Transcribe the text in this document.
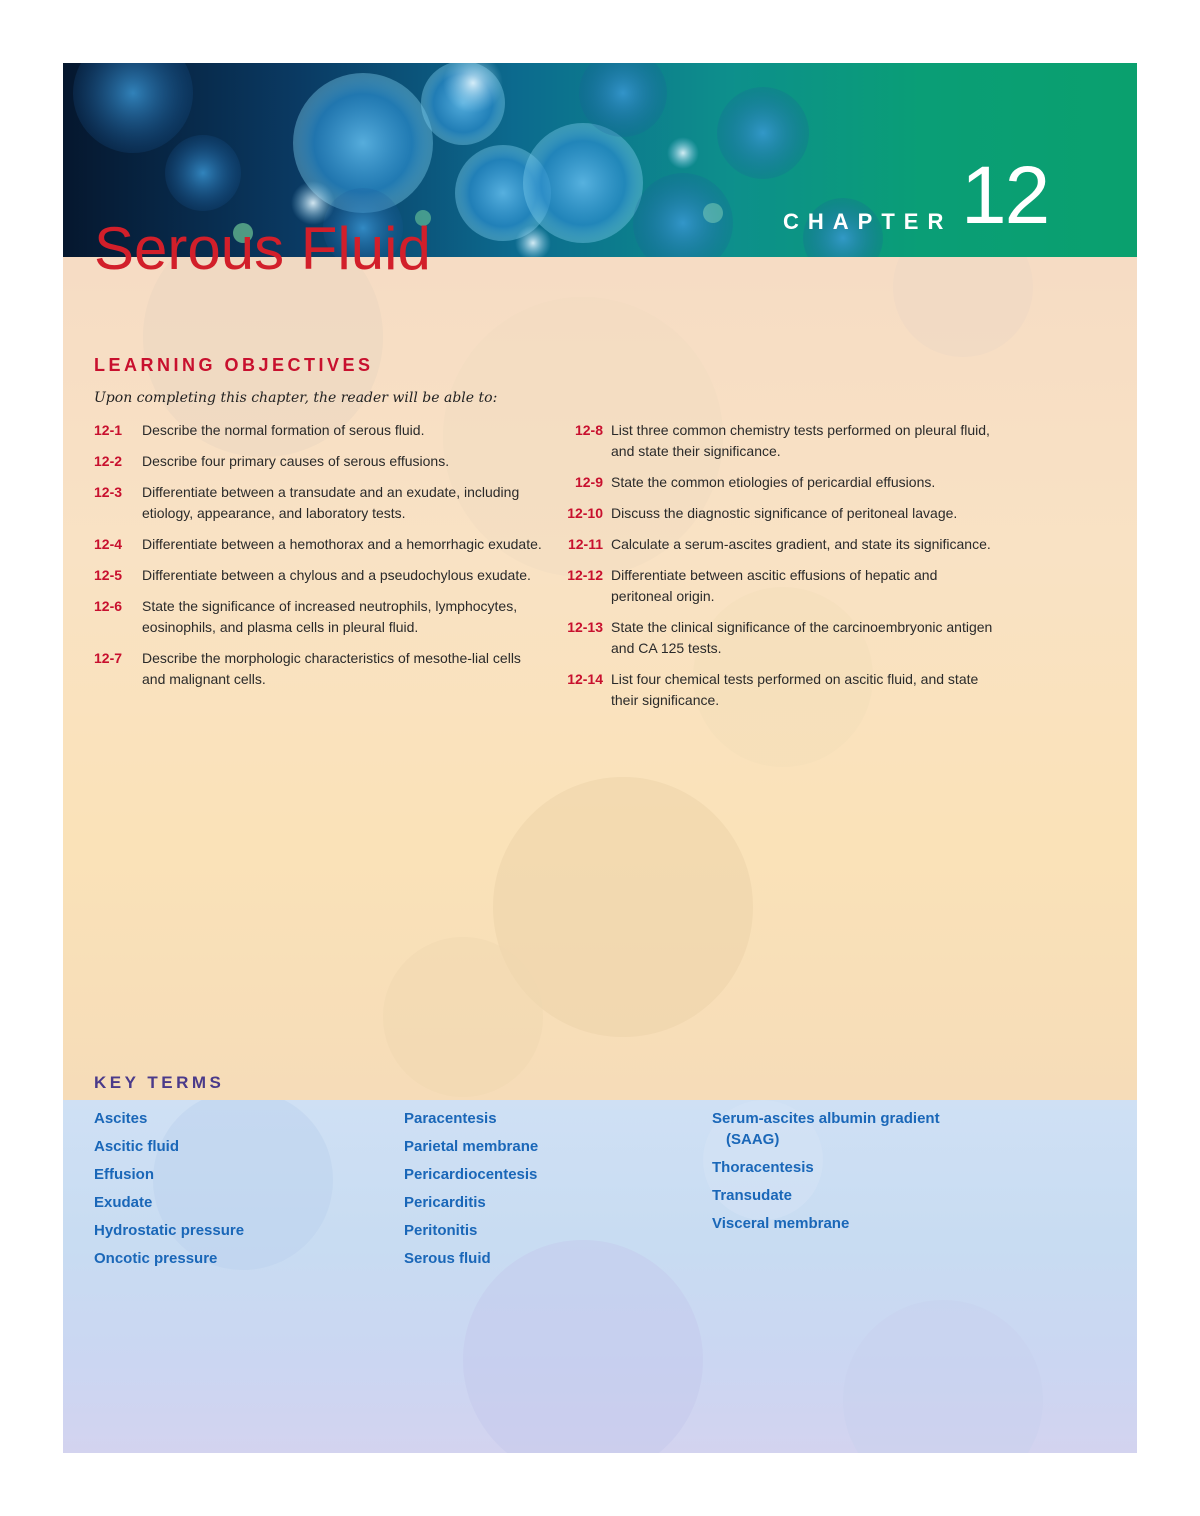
CHAPTER 12
Serous Fluid
LEARNING OBJECTIVES
Upon completing this chapter, the reader will be able to:
12-1	Describe the normal formation of serous fluid.
12-2	Describe four primary causes of serous effusions.
12-3	Differentiate between a transudate and an exudate, including etiology, appearance, and laboratory tests.
12-4	Differentiate between a hemothorax and a hemorrhagic exudate.
12-5	Differentiate between a chylous and a pseudochylous exudate.
12-6	State the significance of increased neutrophils, lymphocytes, eosinophils, and plasma cells in pleural fluid.
12-7	Describe the morphologic characteristics of mesothe-lial cells and malignant cells.
12-8 List three common chemistry tests performed on pleural fluid, and state their significance.
12-9 State the common etiologies of pericardial effusions.
12-10 Discuss the diagnostic significance of peritoneal lavage.
12-11 Calculate a serum-ascites gradient, and state its significance.
12-12 Differentiate between ascitic effusions of hepatic and peritoneal origin.
12-13 State the clinical significance of the carcinoembryonic antigen and CA 125 tests.
12-14 List four chemical tests performed on ascitic fluid, and state their significance.
KEY TERMS
Ascites
Ascitic fluid
Effusion
Exudate
Hydrostatic pressure
Oncotic pressure
Paracentesis
Parietal membrane
Pericardiocentesis
Pericarditis
Peritonitis
Serous fluid
Serum-ascites albumin gradient
(SAAG)
Thoracentesis
Transudate
Visceral membrane
